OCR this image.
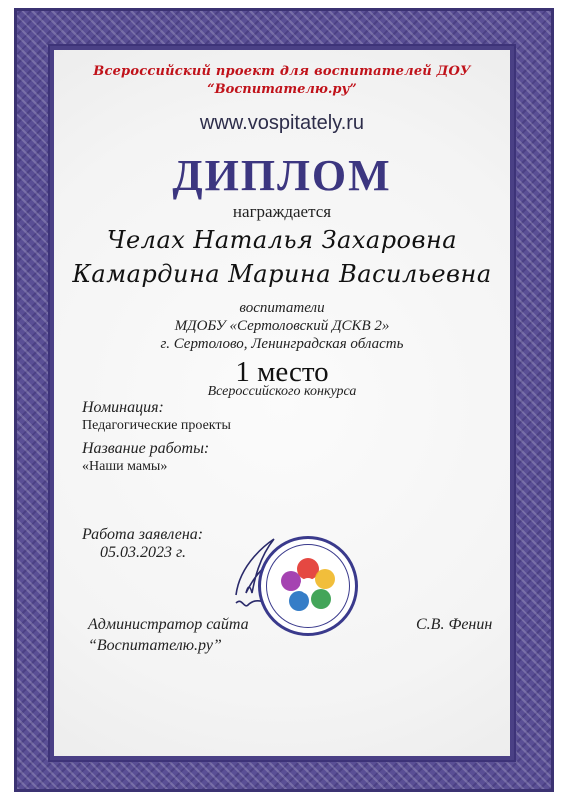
Всероссийский проект для воспитателей ДОУ
“Воспитателю.ру”
www.vospitately.ru
ДИПЛОМ
награждается
Челах Наталья Захаровна
Камардина Марина Васильевна
воспитатели
МДОБУ «Сертоловский ДСКВ 2»
г. Сертолово, Ленинградская область
1 место
Всероссийского конкурса
Номинация:
Педагогические проекты
Название работы:
«Наши мамы»
Работа заявлена:
05.03.2023 г.
Администратор сайта
“Воспитателю.ру”
С.В. Фенин
